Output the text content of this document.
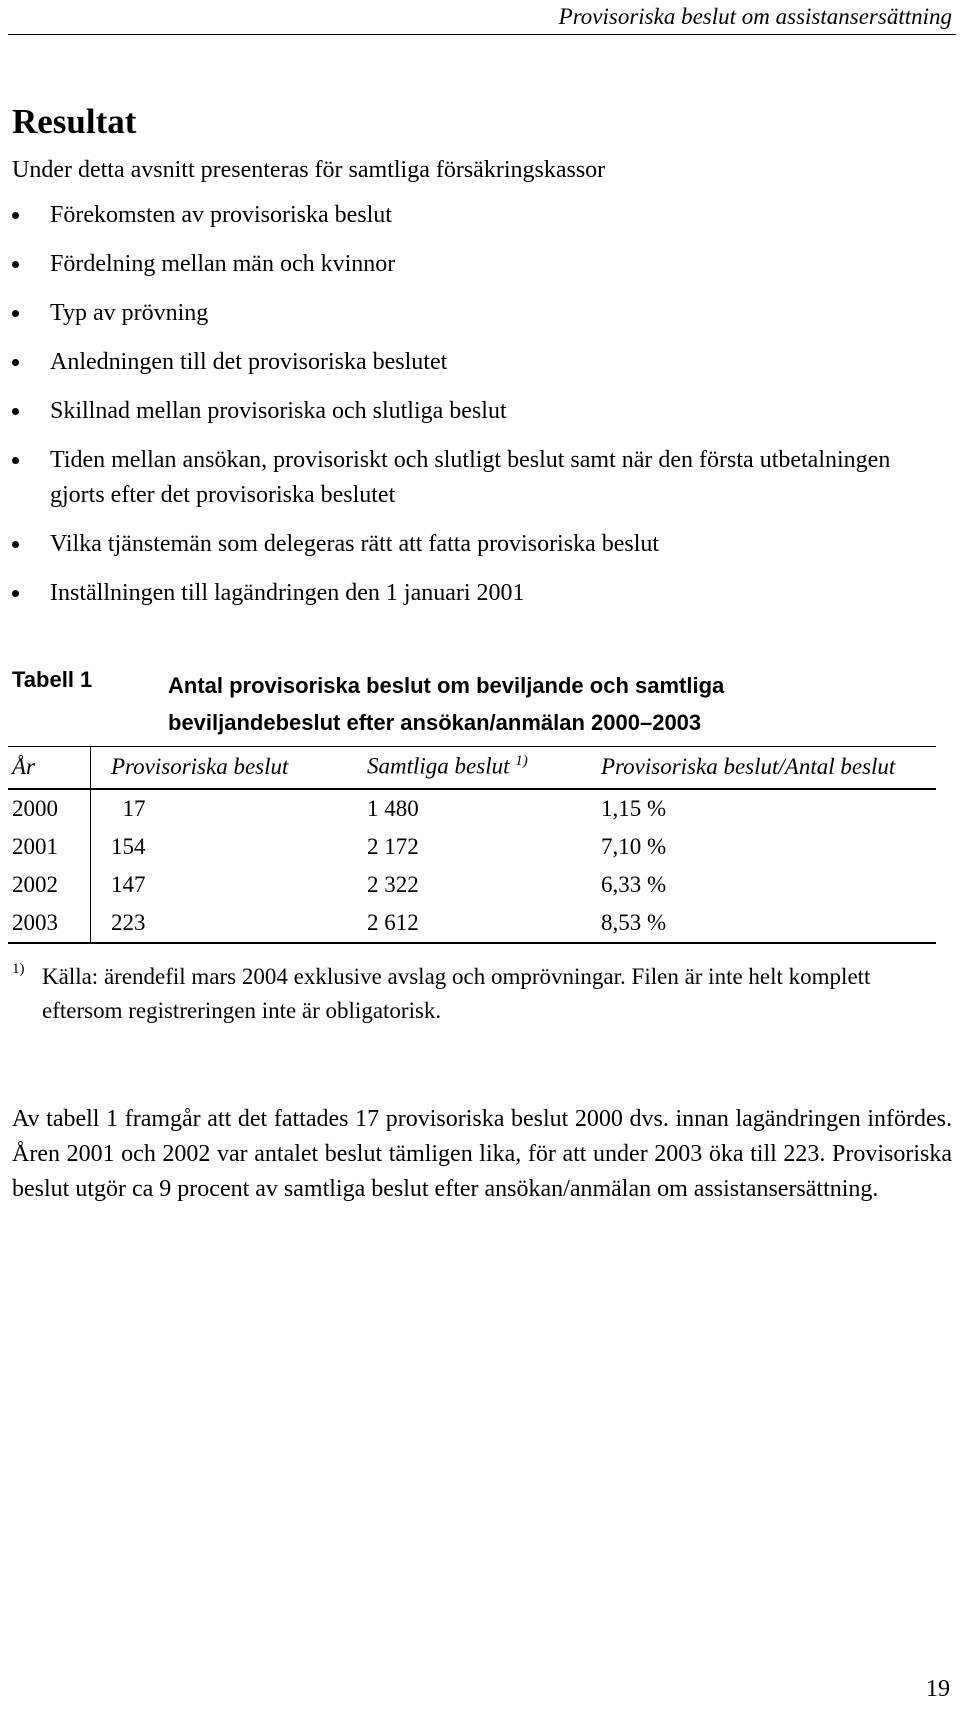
Provisoriska beslut om assistansersättning
Resultat

Under detta avsnitt presenteras för samtliga försäkringskassor

Förekomsten av provisoriska beslut
Fördelning mellan män och kvinnor
Typ av prövning
Anledningen till det provisoriska beslutet
Skillnad mellan provisoriska och slutliga beslut
Tiden mellan ansökan, provisoriskt och slutligt beslut samt när den första utbetalningen gjorts efter det provisoriska beslutet
Vilka tjänstemän som delegeras rätt att fatta provisoriska beslut
Inställningen till lagändringen den 1 januari 2001
Tabell 1	Antal provisoriska beslut om beviljande och samtliga
beviljandebeslut efter ansökan/anmälan 2000–2003
År	Provisoriska beslut	Samtliga beslut $^{1)}$	Provisoriska beslut/Antal beslut
2000	17	1 480	1,15 %
2001	154	2 172	7,10 %
2002	147	2 322	6,33 %
2003	223	2 612	8,53 %
1) Källa: ärendefil mars 2004 exklusive avslag och omprövningar. Filen är inte helt komplett eftersom registreringen inte är obligatorisk.

Av tabell 1 framgår att det fattades 17 provisoriska beslut 2000 dvs. innan lagändringen infördes. Åren 2001 och 2002 var antalet beslut tämligen lika, för att under 2003 öka till 223. Provisoriska beslut utgör ca 9 procent av samtliga beslut efter ansökan/anmälan om assistansersättning.

19
